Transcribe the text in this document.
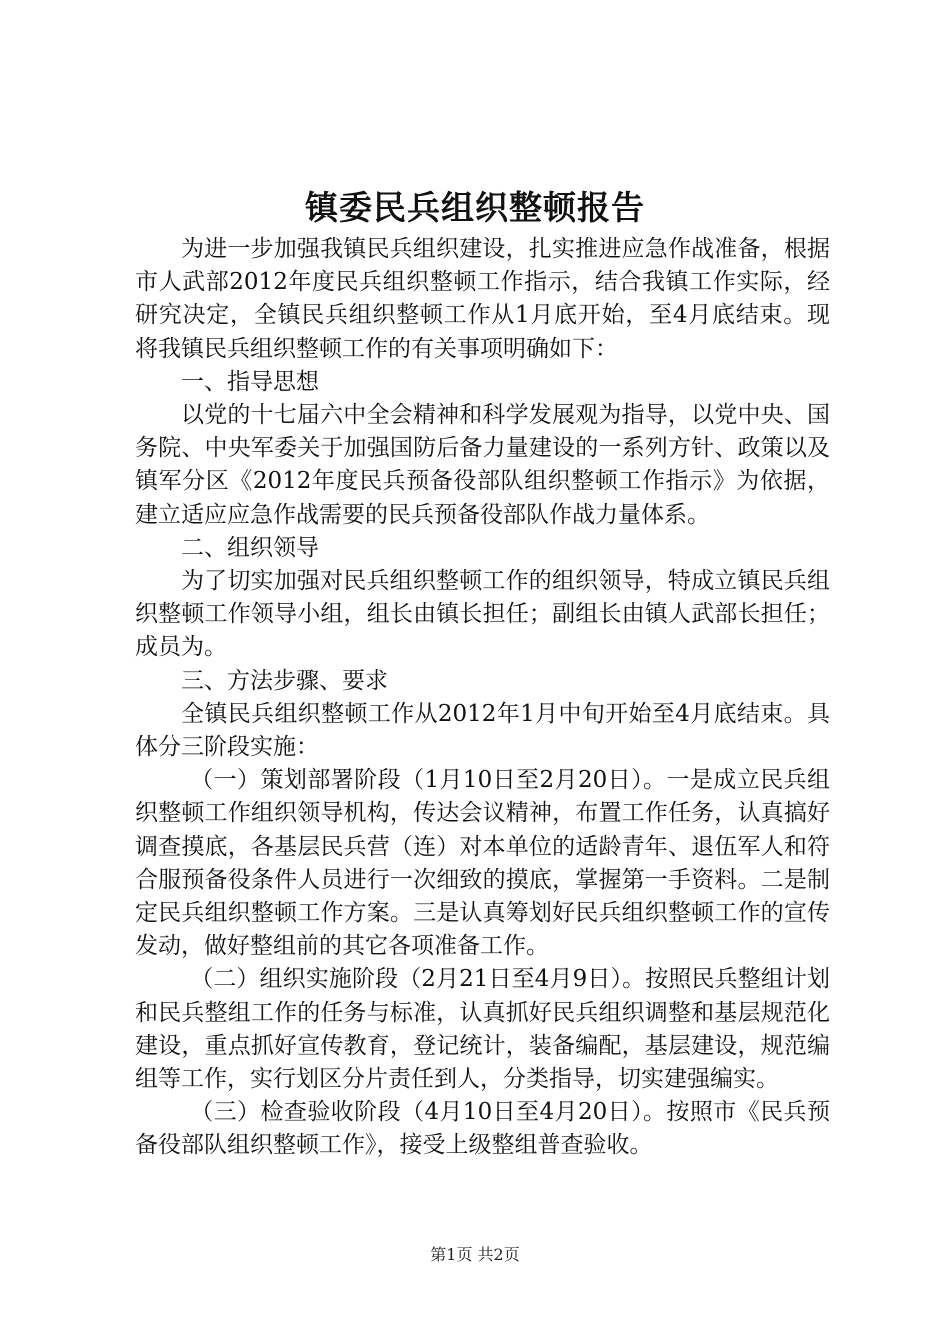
镇委民兵组织整顿报告

为进一步加强我镇民兵组织建设，扎实推进应急作战准备，根据市人武部2012年度民兵组织整顿工作指示，结合我镇工作实际，经研究决定，全镇民兵组织整顿工作从1月底开始，至4月底结束。现将我镇民兵组织整顿工作的有关事项明确如下：

一、指导思想

以党的十七届六中全会精神和科学发展观为指导，以党中央、国务院、中央军委关于加强国防后备力量建设的一系列方针、政策以及镇军分区《2012年度民兵预备役部队组织整顿工作指示》为依据，建立适应应急作战需要的民兵预备役部队作战力量体系。

二、组织领导

为了切实加强对民兵组织整顿工作的组织领导，特成立镇民兵组织整顿工作领导小组，组长由镇长担任；副组长由镇人武部长担任；成员为。

三、方法步骤、要求

全镇民兵组织整顿工作从2012年1月中旬开始至4月底结束。具体分三阶段实施：

（一）策划部署阶段（1月10日至2月20日）。一是成立民兵组织整顿工作组织领导机构，传达会议精神，布置工作任务，认真搞好调查摸底，各基层民兵营（连）对本单位的适龄青年、退伍军人和符合服预备役条件人员进行一次细致的摸底，掌握第一手资料。二是制定民兵组织整顿工作方案。三是认真筹划好民兵组织整顿工作的宣传发动，做好整组前的其它各项准备工作。

（二）组织实施阶段（2月21日至4月9日）。按照民兵整组计划和民兵整组工作的任务与标准，认真抓好民兵组织调整和基层规范化建设，重点抓好宣传教育，登记统计，装备编配，基层建设，规范编组等工作，实行划区分片责任到人，分类指导，切实建强编实。

（三）检查验收阶段（4月10日至4月20日）。按照市《民兵预备役部队组织整顿工作》，接受上级整组普查验收。

第1页 共2页
